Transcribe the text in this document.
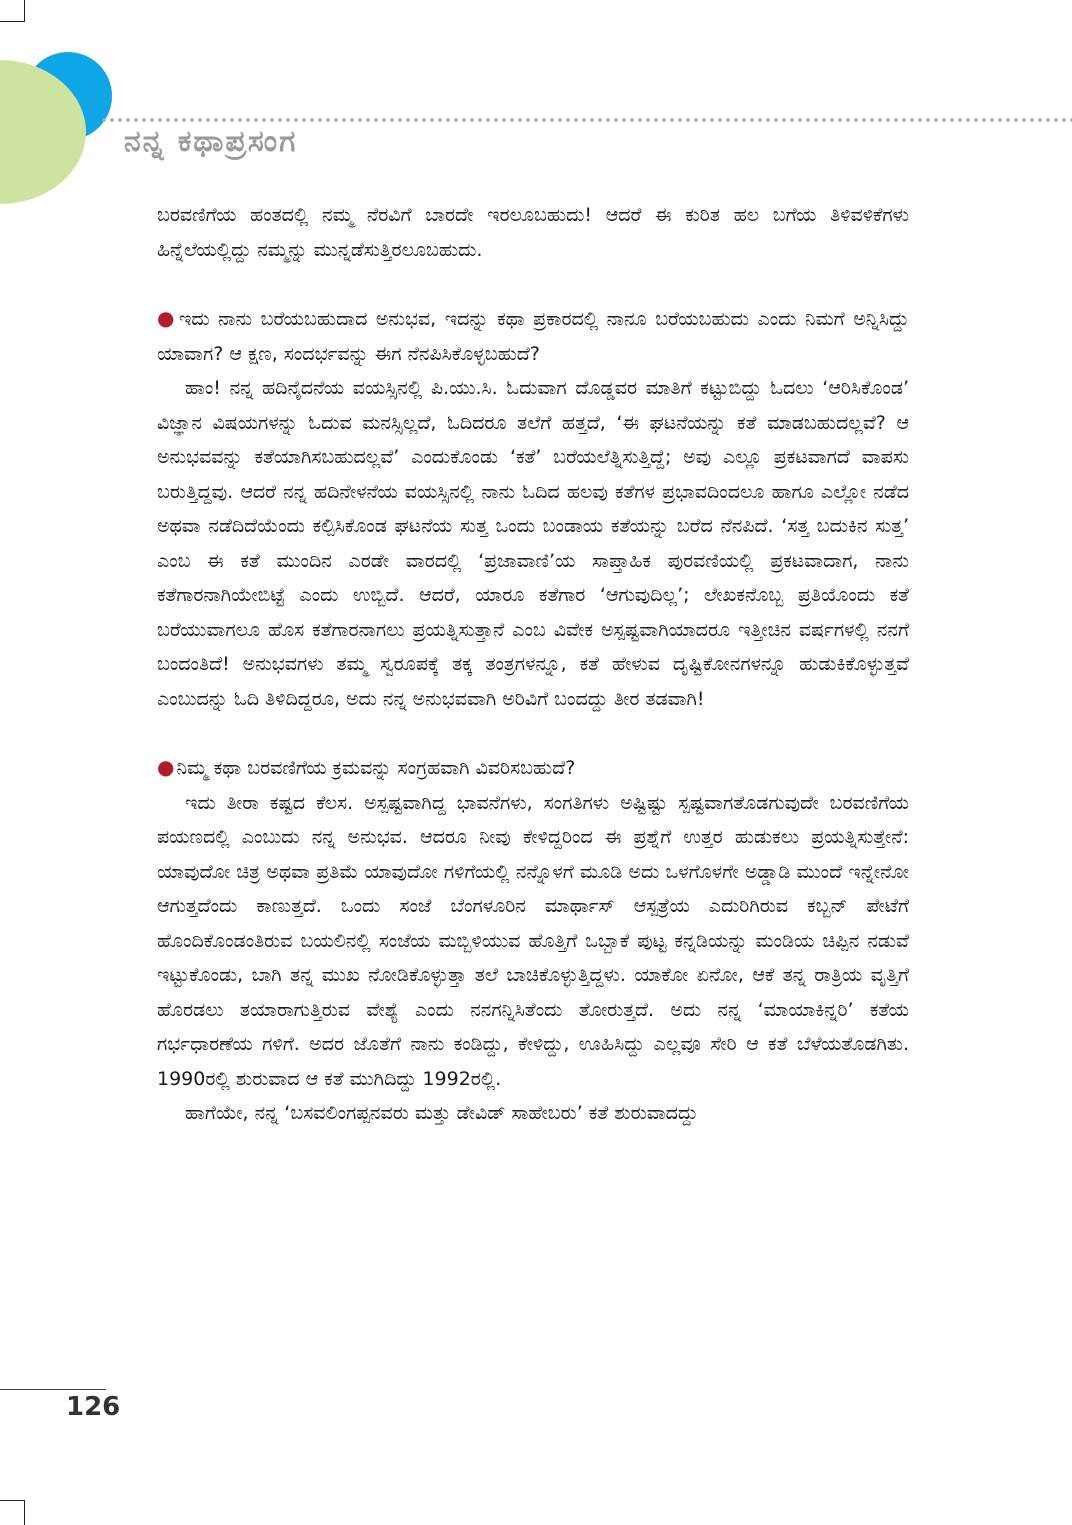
ನನ್ನ ಕಥಾಪ್ರಸಂಗ

ಬರವಣಿಗೆಯ ಹಂತದಲ್ಲಿ ನಮ್ಮ ನೆರವಿಗೆ ಬಾರದೇ ಇರಲೂಬಹುದು! ಆದರೆ ಈ ಕುರಿತ ಹಲ ಬಗೆಯ ತಿಳಿವಳಿಕೆಗಳು ಹಿನ್ನೆಲೆಯಲ್ಲಿದ್ದು ನಮ್ಮನ್ನು ಮುನ್ನಡೆಸುತ್ತಿರಲೂಬಹುದು.

● ಇದು ನಾನು ಬರೆಯಬಹುದಾದ ಅನುಭವ, ಇದನ್ನು ಕಥಾ ಪ್ರಕಾರದಲ್ಲಿ ನಾನೂ ಬರೆಯಬಹುದು ಎಂದು ನಿಮಗೆ ಅನ್ನಿಸಿದ್ದು ಯಾವಾಗ? ಆ ಕ್ಷಣ, ಸಂದರ್ಭವನ್ನು ಈಗ ನೆನಪಿಸಿಕೊಳ್ಳಬಹುದೆ?

ಹಾಂ! ನನ್ನ ಹದಿನೈದನೆಯ ವಯಸ್ಸಿನಲ್ಲಿ ಪಿ.ಯು.ಸಿ. ಓದುವಾಗ ದೊಡ್ಡವರ ಮಾತಿಗೆ ಕಟ್ಟುಬಿದ್ದು ಓದಲು ‘ಆರಿಸಿಕೊಂಡ’ ವಿಜ್ಞಾನ ವಿಷಯಗಳನ್ನು ಓದುವ ಮನಸ್ಸಿಲ್ಲದೆ, ಓದಿದರೂ ತಲೆಗೆ ಹತ್ತದೆ, ‘ಈ ಘಟನೆಯನ್ನು ಕತೆ ಮಾಡಬಹುದಲ್ಲವೆ? ಆ ಅನುಭವವನ್ನು ಕತೆಯಾಗಿಸಬಹುದಲ್ಲವೆ’ ಎಂದುಕೊಂಡು ‘ಕತೆ’ ಬರೆಯಲೆತ್ನಿಸುತ್ತಿದ್ದೆ; ಅವು ಎಲ್ಲೂ ಪ್ರಕಟವಾಗದೆ ವಾಪಸು ಬರುತ್ತಿದ್ದವು. ಆದರೆ ನನ್ನ ಹದಿನೇಳನೆಯ ವಯಸ್ಸಿನಲ್ಲಿ ನಾನು ಓದಿದ ಹಲವು ಕತೆಗಳ ಪ್ರಭಾವದಿಂದಲೂ ಹಾಗೂ ಎಲ್ಲೋ ನಡೆದ ಅಥವಾ ನಡೆದಿದೆಯೆಂದು ಕಲ್ಪಿಸಿಕೊಂಡ ಘಟನೆಯ ಸುತ್ತ ಒಂದು ಬಂಡಾಯ ಕತೆಯನ್ನು ಬರೆದ ನೆನಪಿದೆ. ‘ಸತ್ತ ಬದುಕಿನ ಸುತ್ತ’ ಎಂಬ ಈ ಕತೆ ಮುಂದಿನ ಎರಡೇ ವಾರದಲ್ಲಿ ‘ಪ್ರಜಾವಾಣಿ’ಯ ಸಾಪ್ತಾಹಿಕ ಪುರವಣಿಯಲ್ಲಿ ಪ್ರಕಟವಾದಾಗ, ನಾನು ಕತೆಗಾರನಾಗಿಯೇಬಿಟ್ಟೆ ಎಂದು ಉಬ್ಬಿದೆ. ಆದರೆ, ಯಾರೂ ಕತೆಗಾರ ‘ಆಗುವುದಿಲ್ಲ’; ಲೇಖಕನೊಬ್ಬ ಪ್ರತಿಯೊಂದು ಕತೆ ಬರೆಯುವಾಗಲೂ ಹೊಸ ಕತೆಗಾರನಾಗಲು ಪ್ರಯತ್ನಿಸುತ್ತಾನೆ ಎಂಬ ವಿವೇಕ ಅಸ್ಪಷ್ಟವಾಗಿಯಾದರೂ ಇತ್ತೀಚಿನ ವರ್ಷಗಳಲ್ಲಿ ನನಗೆ ಬಂದಂತಿದೆ! ಅನುಭವಗಳು ತಮ್ಮ ಸ್ವರೂಪಕ್ಕೆ ತಕ್ಕ ತಂತ್ರಗಳನ್ನೂ, ಕತೆ ಹೇಳುವ ದೃಷ್ಟಿಕೋನಗಳನ್ನೂ ಹುಡುಕಿಕೊಳ್ಳುತ್ತವೆ ಎಂಬುದನ್ನು ಓದಿ ತಿಳಿದಿದ್ದರೂ, ಅದು ನನ್ನ ಅನುಭವವಾಗಿ ಅರಿವಿಗೆ ಬಂದದ್ದು ತೀರ ತಡವಾಗಿ!

● ನಿಮ್ಮ ಕಥಾ ಬರವಣಿಗೆಯ ಕ್ರಮವನ್ನು ಸಂಗ್ರಹವಾಗಿ ವಿವರಿಸಬಹುದೆ?

ಇದು ತೀರಾ ಕಷ್ಟದ ಕೆಲಸ. ಅಸ್ಪಷ್ಟವಾಗಿದ್ದ ಭಾವನೆಗಳು, ಸಂಗತಿಗಳು ಅಷ್ಟಿಷ್ಟು ಸ್ಪಷ್ಟವಾಗತೊಡಗುವುದೇ ಬರವಣಿಗೆಯ ಪಯಣದಲ್ಲಿ ಎಂಬುದು ನನ್ನ ಅನುಭವ. ಆದರೂ ನೀವು ಕೇಳಿದ್ದರಿಂದ ಈ ಪ್ರಶ್ನೆಗೆ ಉತ್ತರ ಹುಡುಕಲು ಪ್ರಯತ್ನಿಸುತ್ತೇನೆ: ಯಾವುದೋ ಚಿತ್ರ ಅಥವಾ ಪ್ರತಿಮೆ ಯಾವುದೋ ಗಳಿಗೆಯಲ್ಲಿ ನನ್ನೊಳಗೆ ಮೂಡಿ ಅದು ಒಳಗೊಳಗೇ ಅಡ್ಡಾಡಿ ಮುಂದೆ ಇನ್ನೇನೋ ಆಗುತ್ತದೆಂದು ಕಾಣುತ್ತದೆ. ಒಂದು ಸಂಜೆ ಬೆಂಗಳೂರಿನ ಮಾರ್ಥಾಸ್ ಆಸ್ಪತ್ರೆಯ ಎದುರಿಗಿರುವ ಕಬ್ಬನ್ ಪೇಟೆಗೆ ಹೊಂದಿಕೊಂಡಂತಿರುವ ಬಯಲಿನಲ್ಲಿ ಸಂಜೆಯ ಮಬ್ಬಿಳಿಯುವ ಹೊತ್ತಿಗೆ ಒಬ್ಬಾಕೆ ಪುಟ್ಟ ಕನ್ನಡಿಯನ್ನು ಮಂಡಿಯ ಚಿಪ್ಪಿನ ನಡುವೆ ಇಟ್ಟುಕೊಂಡು, ಬಾಗಿ ತನ್ನ ಮುಖ ನೋಡಿಕೊಳ್ಳುತ್ತಾ ತಲೆ ಬಾಚಿಕೊಳ್ಳುತ್ತಿದ್ದಳು. ಯಾಕೋ ಏನೋ, ಆಕೆ ತನ್ನ ರಾತ್ರಿಯ ವೃತ್ತಿಗೆ ಹೊರಡಲು ತಯಾರಾಗುತ್ತಿರುವ ವೇಶ್ಯೆ ಎಂದು ನನಗನ್ನಿಸಿತೆಂದು ತೋರುತ್ತದೆ. ಅದು ನನ್ನ ‘ಮಾಯಾಕಿನ್ನರಿ’ ಕತೆಯ ಗರ್ಭಧಾರಣೆಯ ಗಳಿಗೆ. ಅದರ ಜೊತೆಗೆ ನಾನು ಕಂಡಿದ್ದು, ಕೇಳಿದ್ದು, ಊಹಿಸಿದ್ದು ಎಲ್ಲವೂ ಸೇರಿ ಆ ಕತೆ ಬೆಳೆಯತೊಡಗಿತು. 1990ರಲ್ಲಿ ಶುರುವಾದ ಆ ಕತೆ ಮುಗಿದಿದ್ದು 1992ರಲ್ಲಿ.

ಹಾಗೆಯೇ, ನನ್ನ ‘ಬಸವಲಿಂಗಪ್ಪನವರು ಮತ್ತು ಡೇವಿಡ್ ಸಾಹೇಬರು’ ಕತೆ ಶುರುವಾದದ್ದು

126
